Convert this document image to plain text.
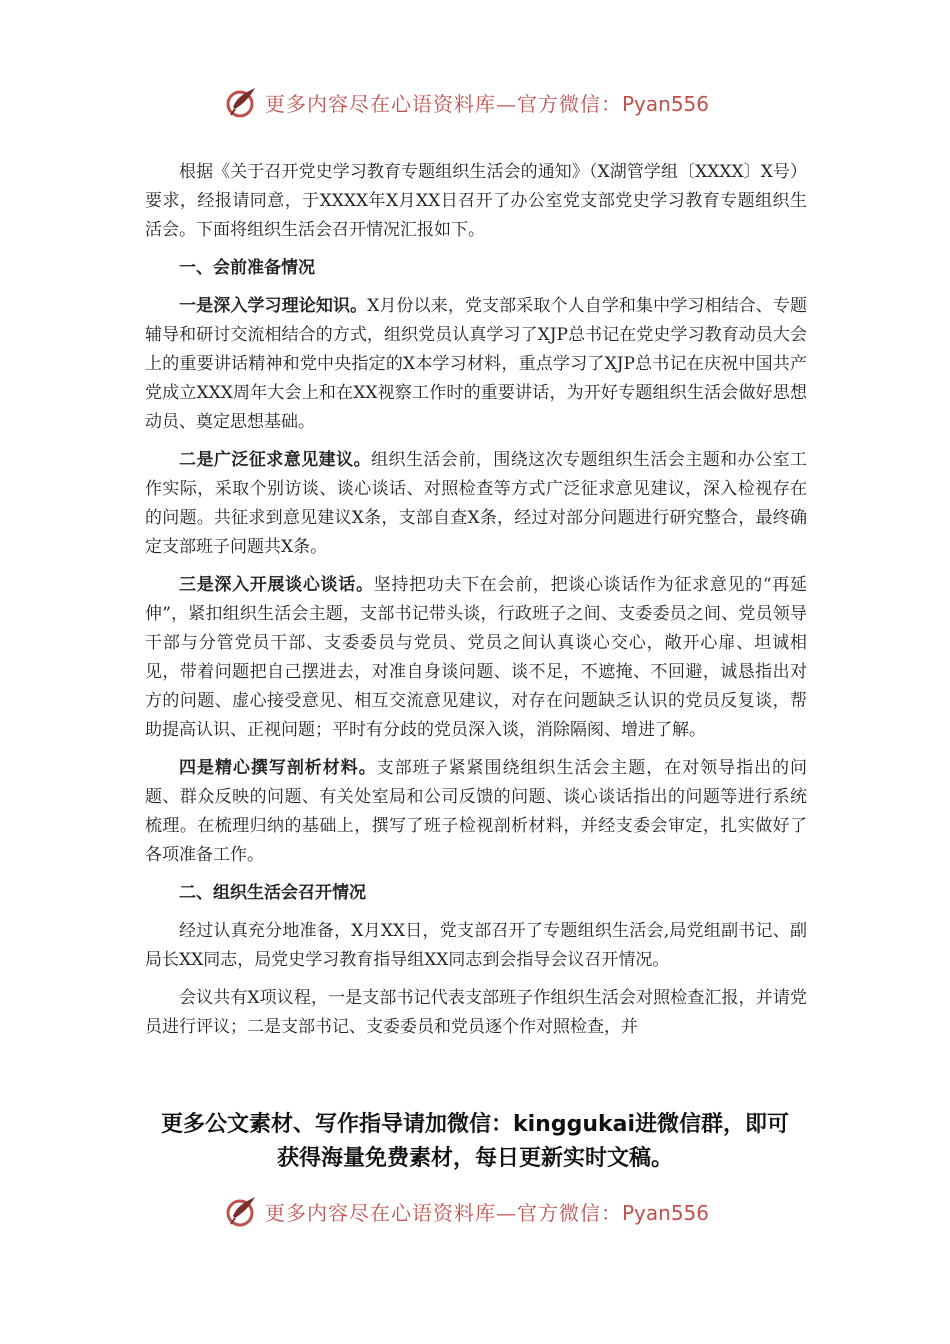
更多内容尽在心语资料库—官方微信：Pyan556

根据《关于召开党史学习教育专题组织生活会的通知》（X湖管学组〔XXXX〕X号）要求，经报请同意，于XXXX年X月XX日召开了办公室党支部党史学习教育专题组织生活会。下面将组织生活会召开情况汇报如下。

一、会前准备情况

一是深入学习理论知识。X月份以来，党支部采取个人自学和集中学习相结合、专题辅导和研讨交流相结合的方式，组织党员认真学习了XJP总书记在党史学习教育动员大会上的重要讲话精神和党中央指定的X本学习材料，重点学习了XJP总书记在庆祝中国共产党成立XXX周年大会上和在XX视察工作时的重要讲话，为开好专题组织生活会做好思想动员、奠定思想基础。

二是广泛征求意见建议。组织生活会前，围绕这次专题组织生活会主题和办公室工作实际，采取个别访谈、谈心谈话、对照检查等方式广泛征求意见建议，深入检视存在的问题。共征求到意见建议X条，支部自查X条，经过对部分问题进行研究整合，最终确定支部班子问题共X条。

三是深入开展谈心谈话。坚持把功夫下在会前，把谈心谈话作为征求意见的“再延伸”，紧扣组织生活会主题，支部书记带头谈，行政班子之间、支委委员之间、党员领导干部与分管党员干部、支委委员与党员、党员之间认真谈心交心，敞开心扉、坦诚相见，带着问题把自己摆进去，对准自身谈问题、谈不足，不遮掩、不回避，诚恳指出对方的问题、虚心接受意见、相互交流意见建议，对存在问题缺乏认识的党员反复谈，帮助提高认识、正视问题；平时有分歧的党员深入谈，消除隔阂、增进了解。

四是精心撰写剖析材料。支部班子紧紧围绕组织生活会主题，在对领导指出的问题、群众反映的问题、有关处室局和公司反馈的问题、谈心谈话指出的问题等进行系统梳理。在梳理归纳的基础上，撰写了班子检视剖析材料，并经支委会审定，扎实做好了各项准备工作。

二、组织生活会召开情况

经过认真充分地准备，X月XX日，党支部召开了专题组织生活会,局党组副书记、副局长XX同志，局党史学习教育指导组XX同志到会指导会议召开情况。

会议共有X项议程，一是支部书记代表支部班子作组织生活会对照检查汇报，并请党员进行评议；二是支部书记、支委委员和党员逐个作对照检查，并

更多公文素材、写作指导请加微信：kinggukai进微信群，即可
获得海量免费素材，每日更新实时文稿。
更多内容尽在心语资料库—官方微信：Pyan556
